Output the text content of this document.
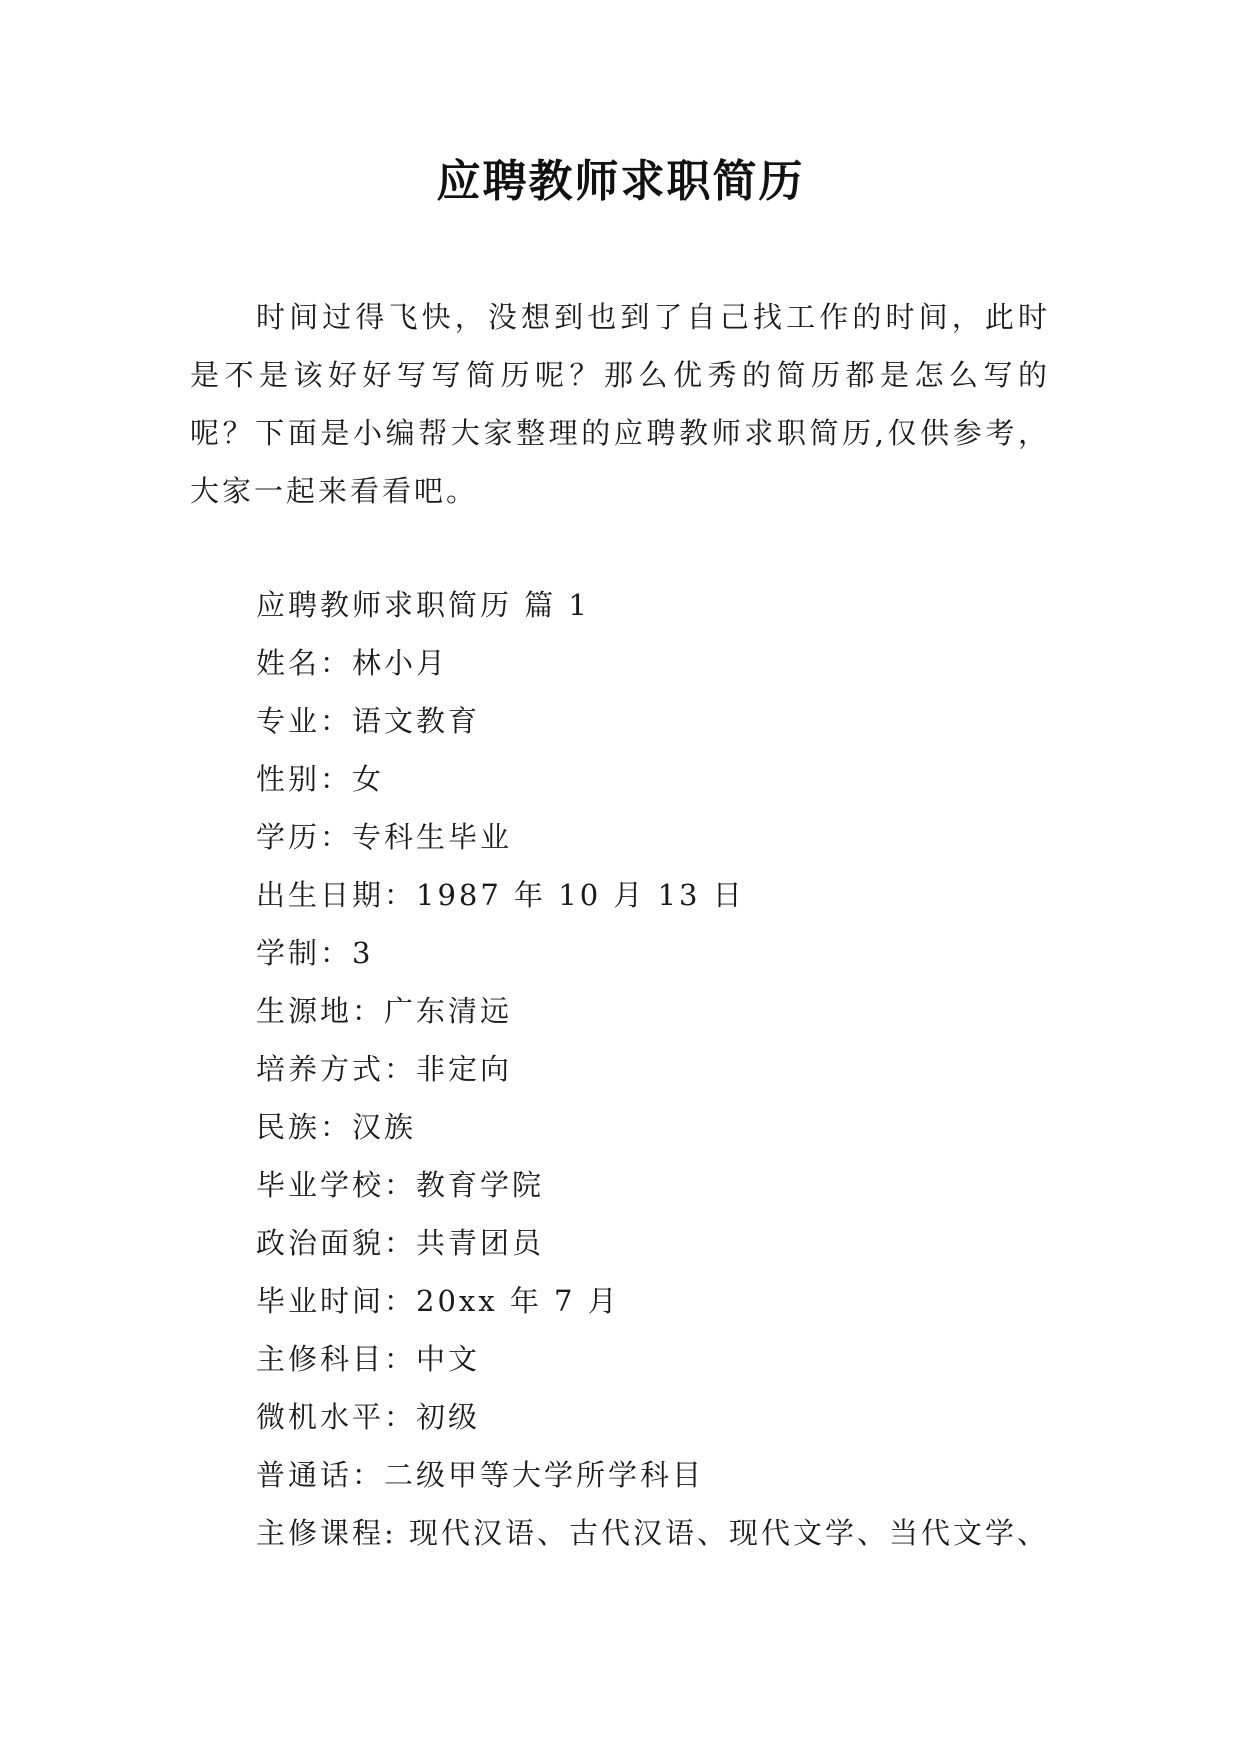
应聘教师求职简历

时间过得飞快，没想到也到了自己找工作的时间，此时是不是该好好写写简历呢？那么优秀的简历都是怎么写的呢？下面是小编帮大家整理的应聘教师求职简历,仅供参考，大家一起来看看吧。

应聘教师求职简历 篇 1
姓名：林小月
专业：语文教育
性别：女
学历：专科生毕业
出生日期：1987 年 10 月 13 日
学制：3
生源地：广东清远
培养方式：非定向
民族：汉族
毕业学校：教育学院
政治面貌：共青团员
毕业时间：20xx 年 7 月
主修科目：中文
微机水平：初级
普通话：二级甲等大学所学科目
主修课程: 现代汉语、古代汉语、现代文学、当代文学、
